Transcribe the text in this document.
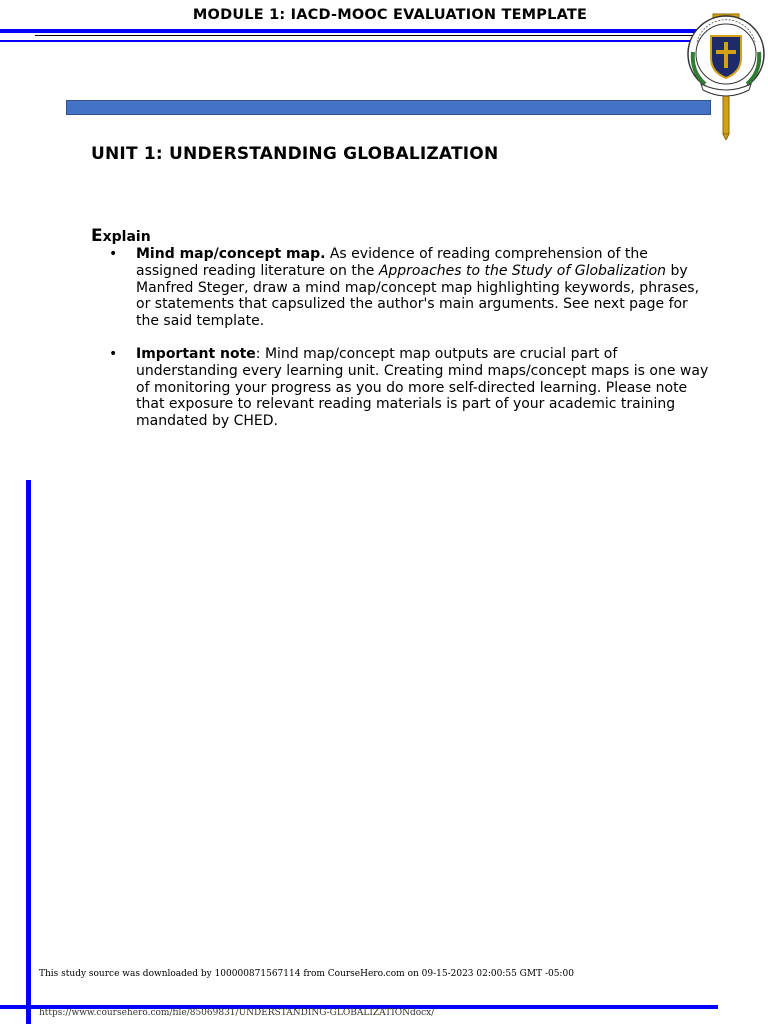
MODULE 1: IACD-MOOC EVALUATION TEMPLATE
UNIT 1: UNDERSTANDING GLOBALIZATION
Explain
• Mind map/concept map. As evidence of reading comprehension of the assigned reading literature on the Approaches to the Study of Globalization by Manfred Steger, draw a mind map/concept map highlighting keywords, phrases, or statements that capsulized the author's main arguments. See next page for the said template.
• Important note: Mind map/concept map outputs are crucial part of understanding every learning unit. Creating mind maps/concept maps is one way of monitoring your progress as you do more self-directed learning. Please note that exposure to relevant reading materials is part of your academic training mandated by CHED.
This study source was downloaded by 100000871567114 from CourseHero.com on 09-15-2023 02:00:55 GMT -05:00
https://www.coursehero.com/file/85069831/UNDERSTANDING-GLOBALIZATIONdocx/
